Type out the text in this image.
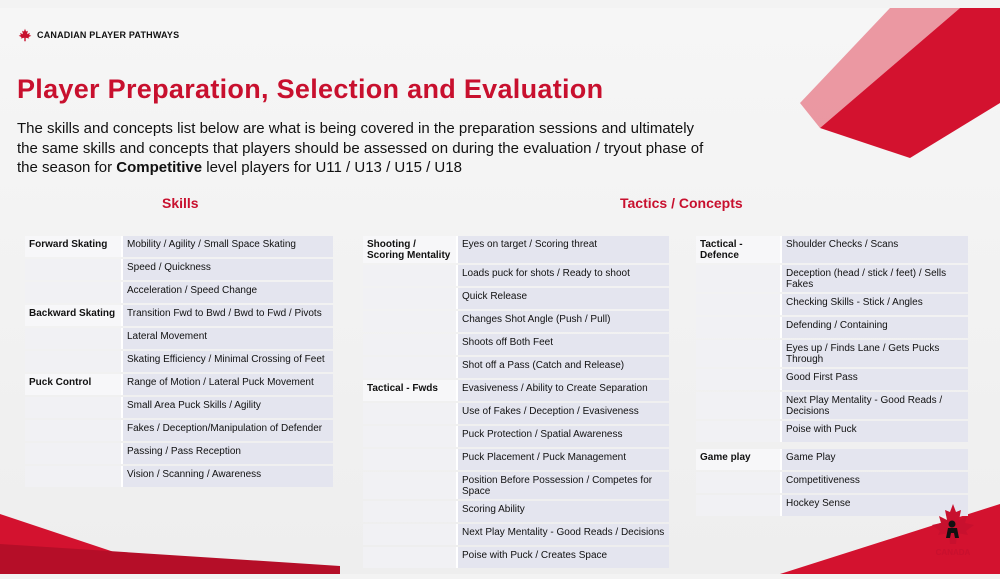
CANADIAN PLAYER PATHWAYS
Player Preparation, Selection and Evaluation

The skills and concepts list below are what is being covered in the preparation sessions and ultimately the same skills and concepts that players should be assessed on during the evaluation / tryout phase of the season for Competitive level players for U11 / U13 / U15 / U18

Skills	Tactics / Concepts
Forward Skating	Mobility / Agility / Small Space Skating
	Speed / Quickness
	Acceleration / Speed Change
Backward Skating	Transition Fwd to Bwd / Bwd to Fwd / Pivots
	Lateral Movement
	Skating Efficiency / Minimal Crossing of Feet
Puck Control	Range of Motion / Lateral Puck Movement
	Small Area Puck Skills / Agility
	Fakes / Deception/Manipulation of Defender
	Passing / Pass Reception
	Vision / Scanning / Awareness
Shooting / Scoring Mentality	Eyes on target / Scoring threat
	Loads puck for shots / Ready to shoot
	Quick Release
	Changes Shot Angle (Push / Pull)
	Shoots off Both Feet
	Shot off a Pass (Catch and Release)
Tactical - Fwds	Evasiveness / Ability to Create Separation
	Use of Fakes / Deception / Evasiveness
	Puck Protection / Spatial Awareness
	Puck Placement / Puck Management
	Position Before Possession / Competes for Space
	Scoring Ability
	Next Play Mentality - Good Reads / Decisions
	Poise with Puck / Creates Space
Tactical - Defence	Shoulder Checks / Scans
	Deception (head / stick / feet) / Sells Fakes
	Checking Skills - Stick / Angles
	Defending / Containing
	Eyes up / Finds Lane / Gets Pucks Through
	Good First Pass
	Next Play Mentality - Good Reads / Decisions
	Poise with Puck

Game play	Game Play
	Competitiveness
	Hockey Sense
CANADA
